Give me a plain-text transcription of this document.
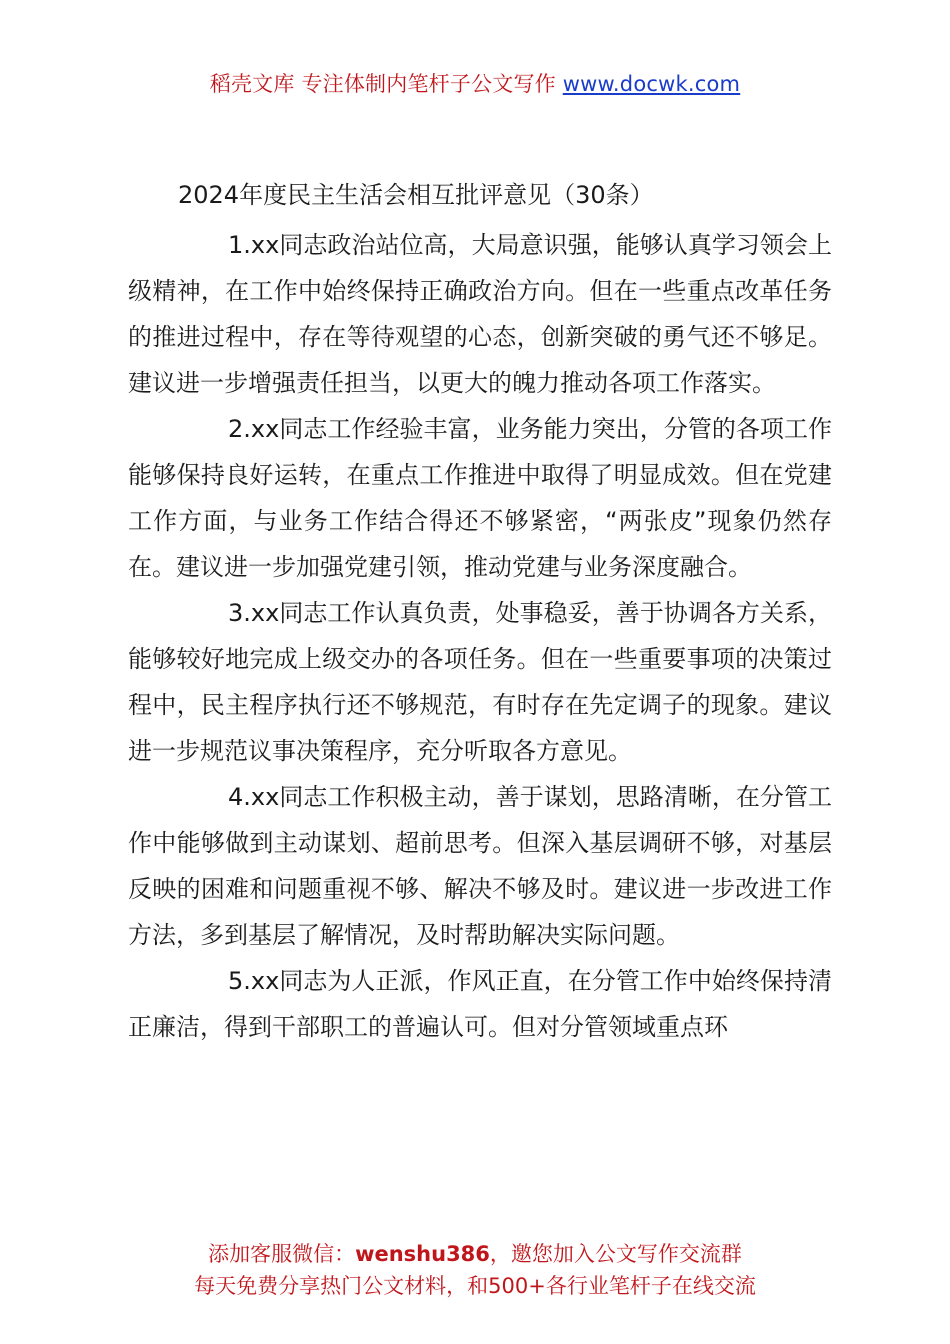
稻壳文库 专注体制内笔杆子公文写作 www.docwk.com
2024年度民主生活会相互批评意见（30条）

1.xx同志政治站位高，大局意识强，能够认真学习领会上级精神，在工作中始终保持正确政治方向。但在一些重点改革任务的推进过程中，存在等待观望的心态，创新突破的勇气还不够足。建议进一步增强责任担当，以更大的魄力推动各项工作落实。

2.xx同志工作经验丰富，业务能力突出，分管的各项工作能够保持良好运转，在重点工作推进中取得了明显成效。但在党建工作方面，与业务工作结合得还不够紧密，“两张皮”现象仍然存在。建议进一步加强党建引领，推动党建与业务深度融合。

3.xx同志工作认真负责，处事稳妥，善于协调各方关系，能够较好地完成上级交办的各项任务。但在一些重要事项的决策过程中，民主程序执行还不够规范，有时存在先定调子的现象。建议进一步规范议事决策程序，充分听取各方意见。

4.xx同志工作积极主动，善于谋划，思路清晰，在分管工作中能够做到主动谋划、超前思考。但深入基层调研不够，对基层反映的困难和问题重视不够、解决不够及时。建议进一步改进工作方法，多到基层了解情况，及时帮助解决实际问题。

5.xx同志为人正派，作风正直，在分管工作中始终保持清正廉洁，得到干部职工的普遍认可。但对分管领域重点环

添加客服微信：wenshu386，邀您加入公文写作交流群
每天免费分享热门公文材料，和500+各行业笔杆子在线交流
